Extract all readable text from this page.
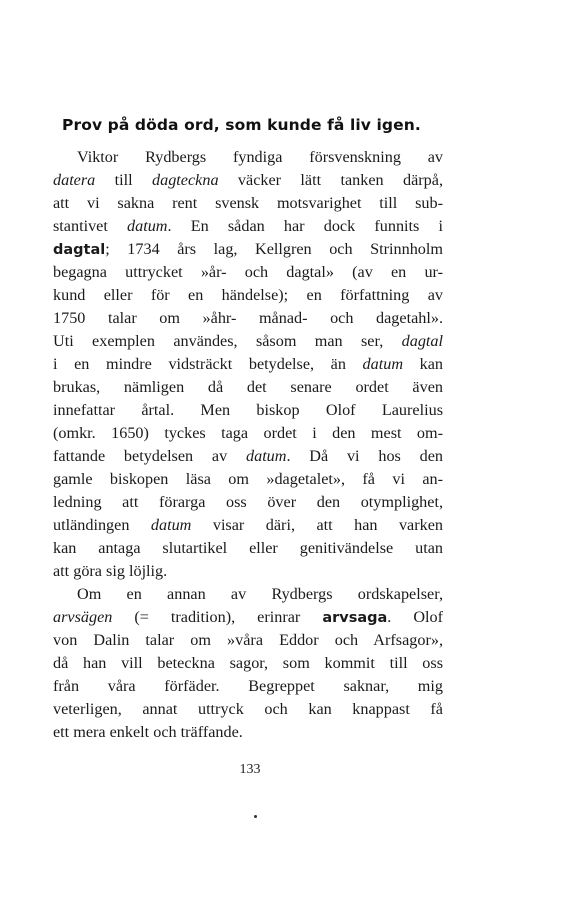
Prov på döda ord, som kunde få liv igen.
Viktor Rydbergs fyndiga försvenskning av
datera till dagteckna väcker lätt tanken därpå,
att vi sakna rent svensk motsvarighet till sub-
stantivet datum. En sådan har dock funnits i
dagtal; 1734 års lag, Kellgren och Strinnholm
begagna uttrycket »år- och dagtal» (av en ur-
kund eller för en händelse); en författning av
1750 talar om »åhr- månad- och dagetahl».
Uti exemplen användes, såsom man ser, dagtal
i en mindre vidsträckt betydelse, än datum kan
brukas, nämligen då det senare ordet även
innefattar årtal. Men biskop Olof Laurelius
(omkr. 1650) tyckes taga ordet i den mest om-
fattande betydelsen av datum. Då vi hos den
gamle biskopen läsa om »dagetalet», få vi an-
ledning att förarga oss över den otymplighet,
utländingen datum visar däri, att han varken
kan antaga slutartikel eller genitivändelse utan
att göra sig löjlig.
Om en annan av Rydbergs ordskapelser,
arvsägen (= tradition), erinrar arvsaga. Olof
von Dalin talar om »våra Eddor och Arfsagor»,
då han vill beteckna sagor, som kommit till oss
från våra förfäder. Begreppet saknar, mig
veterligen, annat uttryck och kan knappast få
ett mera enkelt och träffande.
133
